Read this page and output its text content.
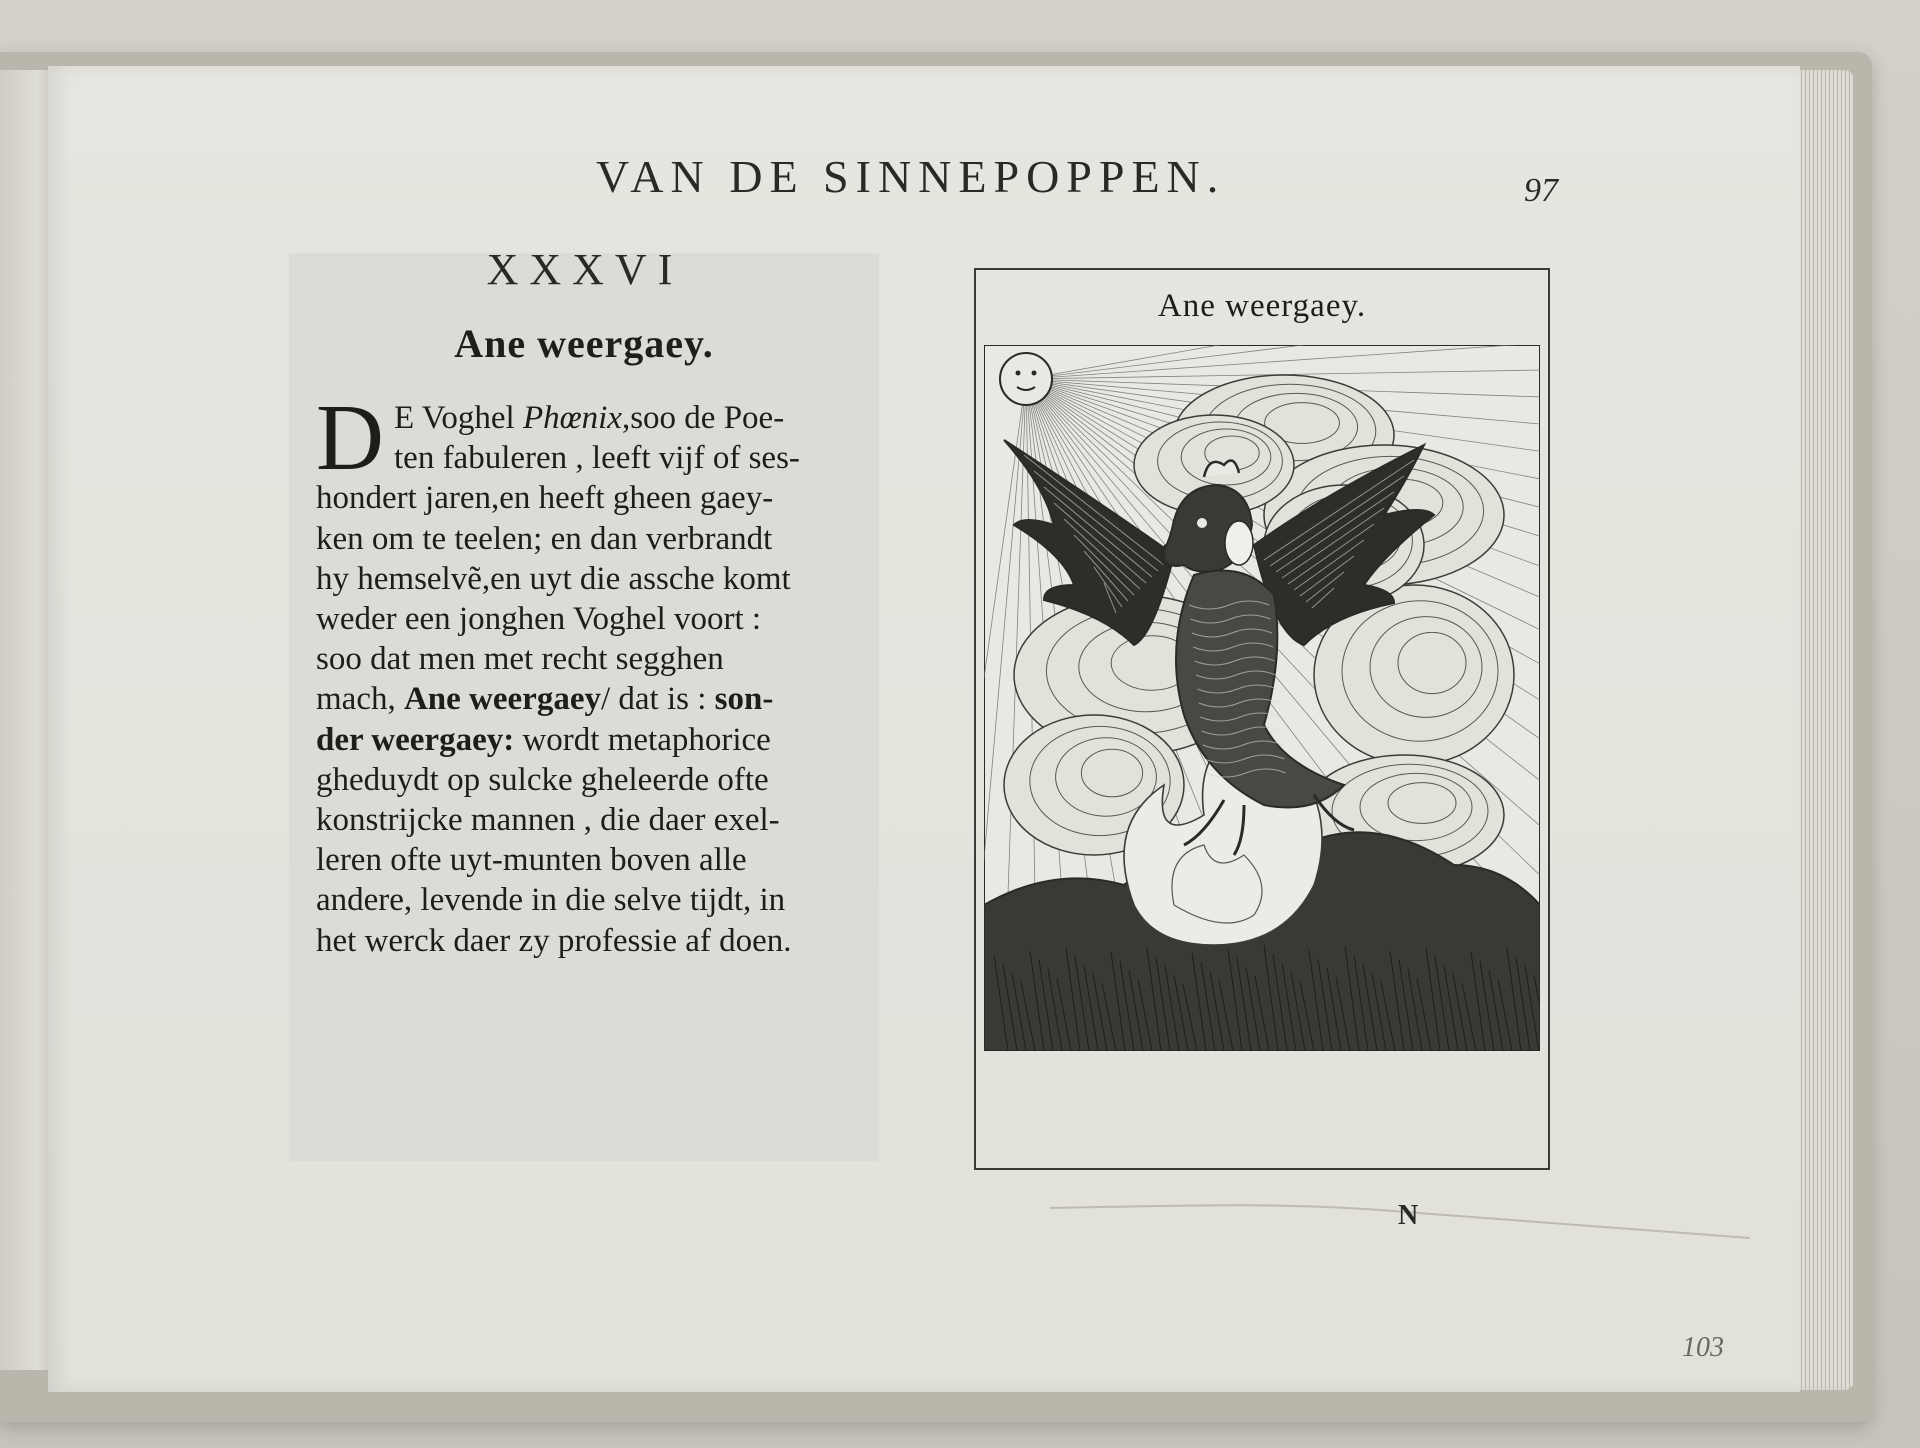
VAN DE SINNEPOPPEN.	97
XXXVI
Ane weergaey.
D E Voghel Phœnix,soo de Poe-
ten fabuleren , leeft vijf of ses-
hondert jaren,en heeft gheen gaey-
ken om te teelen; en dan verbrandt
hy hemselvẽ,en uyt die assche komt
weder een jonghen Voghel voort :
soo dat men met recht segghen
mach, Ane weergaey/ dat is : son-
der weergaey: wordt metaphorice
gheduydt op sulcke gheleerde ofte
konstrijcke mannen , die daer exel-
leren ofte uyt-munten boven alle
andere, levende in die selve tijdt, in
het werck daer zy professie af doen.
Ane weergaey.
N
103
